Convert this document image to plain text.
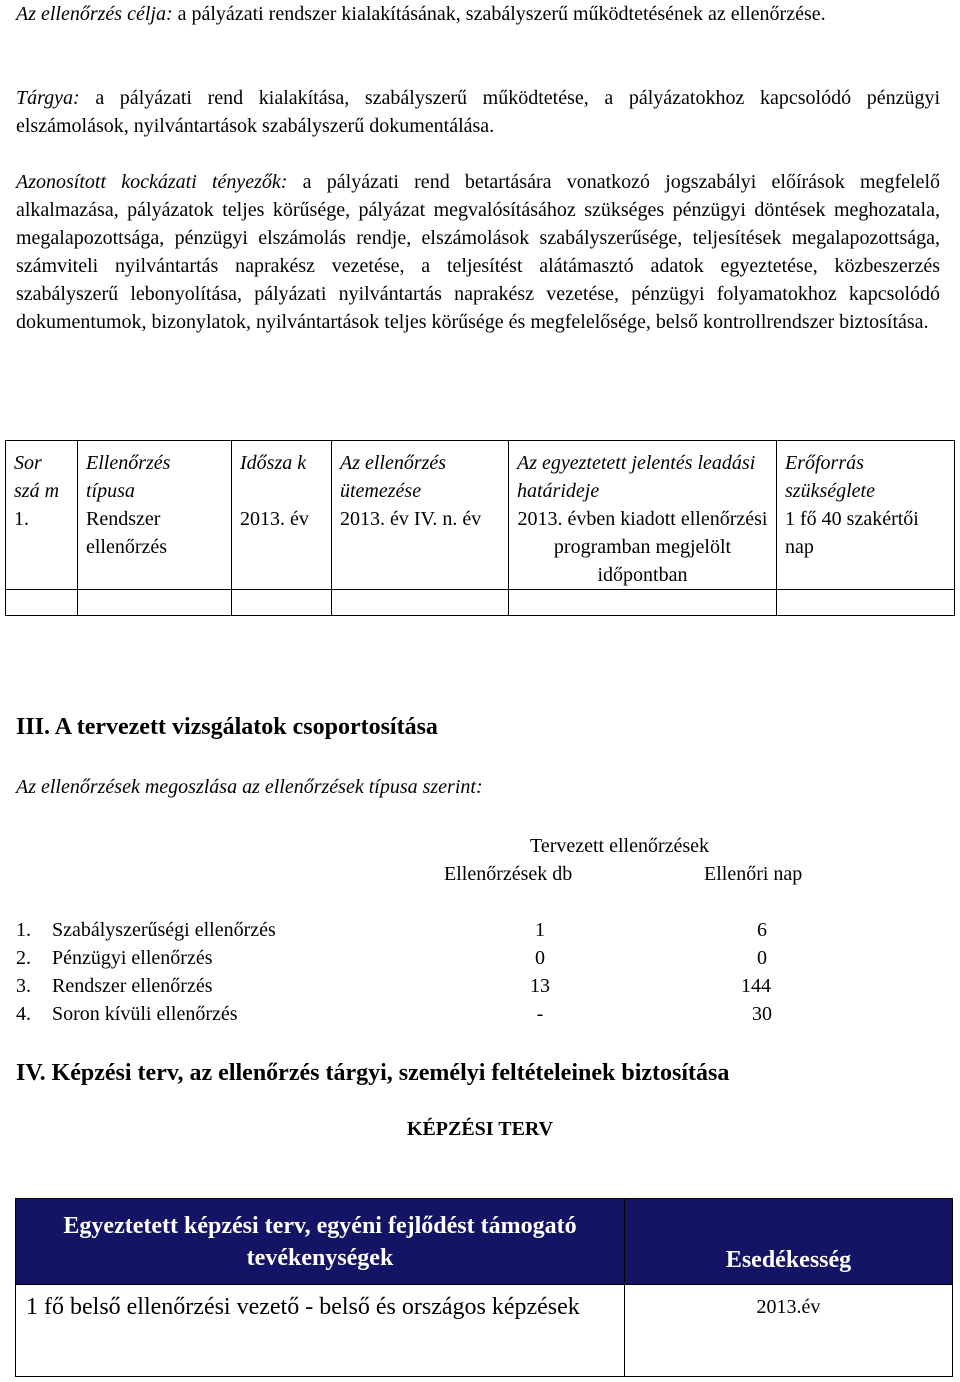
Az ellenőrzés célja: a pályázati rendszer kialakításának, szabályszerű működtetésének az ellenőrzése.
Tárgya: a pályázati rend kialakítása, szabályszerű működtetése, a pályázatokhoz kapcsolódó pénzügyi elszámolások, nyilvántartások szabályszerű dokumentálása.
Azonosított kockázati tényezők: a pályázati rend betartására vonatkozó jogszabályi előírások megfelelő alkalmazása, pályázatok teljes körűsége, pályázat megvalósításához szükséges pénzügyi döntések meghozatala, megalapozottsága, pénzügyi elszámolás rendje, elszámolások szabályszerűsége, teljesítések megalapozottsága, számviteli nyilvántartás naprakész vezetése, a teljesítést alátámasztó adatok egyeztetése, közbeszerzés szabályszerű lebonyolítása, pályázati nyilvántartás naprakész vezetése, pénzügyi folyamatokhoz kapcsolódó dokumentumok, bizonylatok, nyilvántartások teljes körűsége és megfelelősége, belső kontrollrendszer biztosítása.
Sor szá m	Ellenőrzés típusa	Idősza k	Az ellenőrzés ütemezése	Az egyeztetett jelentés leadási határideje	Erőforrás szükséglete
1.	Rendszer ellenőrzés	2013. év	2013. év IV. n. év	2013. évben kiadott ellenőrzési programban megjelölt időpontban	1 fő 40 szakértői nap

III. A tervezett vizsgálatok csoportosítása
Az ellenőrzések megoszlása az ellenőrzések típusa szerint:
Tervezett ellenőrzések
Ellenőrzések db	Ellenőri nap
1. Szabályszerűségi ellenőrzés	1	6
2. Pénzügyi ellenőrzés	0	0
3. Rendszer ellenőrzés	13	144
4. Soron kívüli ellenőrzés	-	30
IV. Képzési terv, az ellenőrzés tárgyi, személyi feltételeinek biztosítása
KÉPZÉSI TERV
Egyeztetett képzési terv, egyéni fejlődést támogató tevékenységek	Esedékesség
1 fő belső ellenőrzési vezető - belső és országos képzések	2013.év
